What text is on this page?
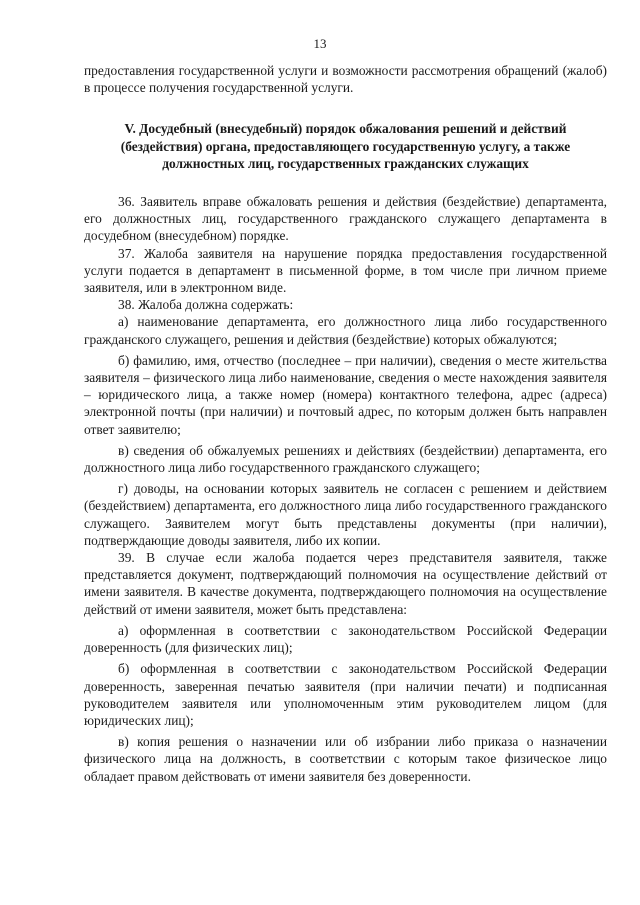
13

предоставления государственной услуги и возможности рассмотрения обращений (жалоб) в процессе получения государственной услуги.

V. Досудебный (внесудебный) порядок обжалования решений и действий (бездействия) органа, предоставляющего государственную услугу, а также должностных лиц, государственных гражданских служащих

36. Заявитель вправе обжаловать решения и действия (бездействие) департамента, его должностных лиц, государственного гражданского служащего департамента в досудебном (внесудебном) порядке.

37. Жалоба заявителя на нарушение порядка предоставления государственной услуги подается в департамент в письменной форме, в том числе при личном приеме заявителя, или в электронном виде.

38. Жалоба должна содержать:

а) наименование департамента, его должностного лица либо государственного гражданского служащего, решения и действия (бездействие) которых обжалуются;

б) фамилию, имя, отчество (последнее – при наличии), сведения о месте жительства заявителя – физического лица либо наименование, сведения о месте нахождения заявителя – юридического лица, а также номер (номера) контактного телефона, адрес (адреса) электронной почты (при наличии) и почтовый адрес, по которым должен быть направлен ответ заявителю;

в) сведения об обжалуемых решениях и действиях (бездействии) департамента, его должностного лица либо государственного гражданского служащего;

г) доводы, на основании которых заявитель не согласен с решением и действием (бездействием) департамента, его должностного лица либо государственного гражданского служащего. Заявителем могут быть представлены документы (при наличии), подтверждающие доводы заявителя, либо их копии.

39. В случае если жалоба подается через представителя заявителя, также представляется документ, подтверждающий полномочия на осуществление действий от имени заявителя. В качестве документа, подтверждающего полномочия на осуществление действий от имени заявителя, может быть представлена:

а) оформленная в соответствии с законодательством Российской Федерации доверенность (для физических лиц);

б) оформленная в соответствии с законодательством Российской Федерации доверенность, заверенная печатью заявителя (при наличии печати) и подписанная руководителем заявителя или уполномоченным этим руководителем лицом (для юридических лиц);

в) копия решения о назначении или об избрании либо приказа о назначении физического лица на должность, в соответствии с которым такое физическое лицо обладает правом действовать от имени заявителя без доверенности.
